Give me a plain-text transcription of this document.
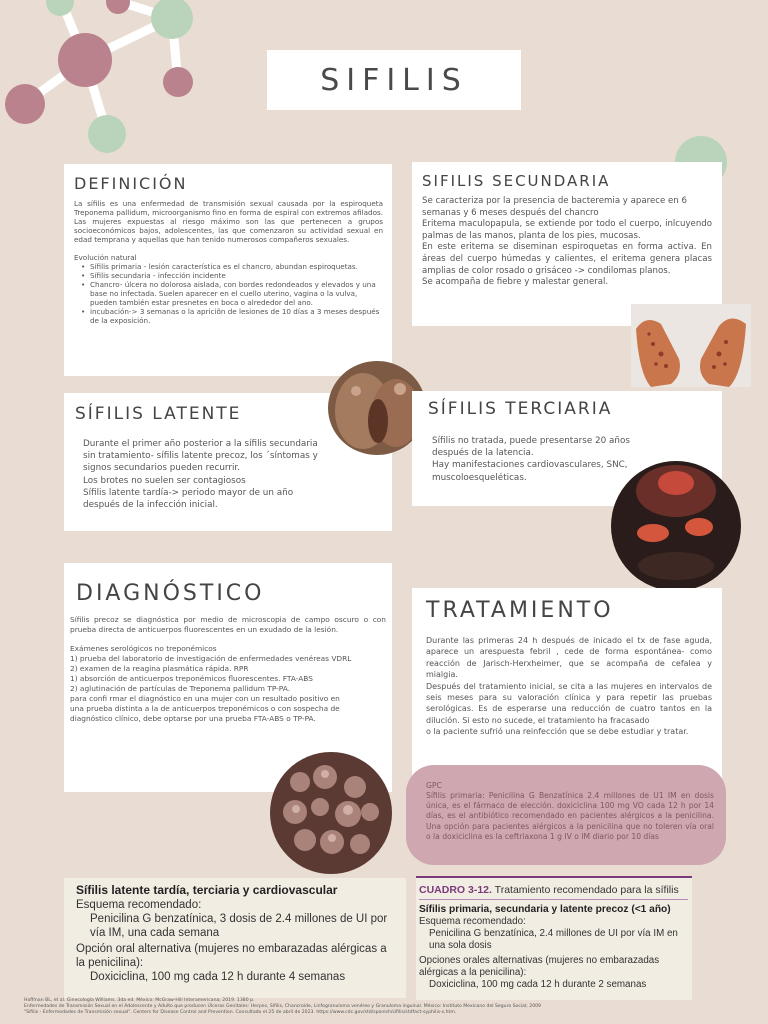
SIFILIS
DEFINICIÓN
La sífilis es una enfermedad de transmisión sexual causada por la espiroqueta Treponema pallidum, microorganismo fino en forma de espiral con extremos afilados. Las mujeres expuestas al riesgo máximo son las que pertenecen a grupos socioeconómicos bajos, adolescentes, las que comenzaron su actividad sexual en edad temprana y aquellas que han tenido numerosos compañeros sexuales.
Evolución natural
• Sífilis primaria - lesión característica es el chancro, abundan espiroquetas.
• Sífilis secundaria - infección incidente
• Chancro- úlcera no dolorosa aislada, con bordes redondeados y elevados y una base no infectada. Suelen aparecer en el cuello uterino, vagina o la vulva, pueden también estar presnetes en boca o alrededor del ano.
• incubación-> 3 semanas o la apriciõn de lesiones de 10 días a 3 meses después de la exposición.
SIFILIS SECUNDARIA
Se caracteriza por la presencia de bacteremia y aparece en 6 semanas y 6 meses después del chancro
Eritema maculopapula, se extiende por todo el cuerpo, inlcuyendo palmas de las manos, planta de los pies, mucosas.
En este eritema se diseminan espiroquetas en forma activa. En áreas del cuerpo húmedas y calientes, el eritema genera placas amplias de color rosado o grisáceo -> condilomas planos.
Se acompaña de fiebre y malestar general.
SÍFILIS LATENTE
Durante el primer año posterior a la sífilis secundaria sin tratamiento- sífilis latente precoz, los ´síntomas y signos secundarios pueden recurrir.
Los brotes no suelen ser contagiosos
Sífilis latente tardía-> periodo mayor de un año después de la infección inicial.
SÍFILIS TERCIARIA
Sífilis no tratada, puede presentarse 20 años después de la latencia.
Hay manifestaciones cardiovasculares, SNC, muscoloesqueléticas.
DIAGNÓSTICO
Sífilis precoz se diagnóstica por medio de microscopia de campo oscuro o con prueba directa de anticuerpos fluorescentes en un exudado de la lesión.
Exámenes serológicos no treponémicos
1) prueba del laboratorio de investigación de enfermedades venéreas VDRL
2) examen de la reagina plasmática rápida. RPR
1) absorción de anticuerpos treponémicos fluorescentes. FTA-ABS
2) aglutinación de partículas de Treponema pallidum TP-PA.
para confi rmar el diagnóstico en una mujer con un resultado positivo en una prueba distinta a la de anticuerpos treponémicos o con sospecha de diagnóstico clínico, debe optarse por una prueba FTA-ABS o TP-PA.
TRATAMIENTO
Durante las primeras 24 h después de inicado el tx de fase aguda, aparece un arespuesta febril , cede de forma espontánea- como reacción de Jarisch-Herxheimer, que se acompaña de cefalea y mialgia.
Después del tratamiento inicial, se cita a las mujeres en intervalos de seis meses para su valoración clínica y para repetir las pruebas serológicas. Es de esperarse una reducción de cuatro tantos en la dilución. Si esto no sucede, el tratamiento ha fracasado
o la paciente sufrió una reinfección que se debe estudiar y tratar.
GPC
Sífilis primaria: Penicilina G Benzatínica 2.4 millones de U1 IM en dosis única, es el fármaco de elección. doxiciclina 100 mg VO cada 12 h por 14 días, es el antibiótico recomendado en pacientes alérgicos a la penicilina. Una opción para pacientes alérgicos a la penicilina que no toleren vía oral o la doxiciclina es la ceftriaxona 1 g IV o IM diario por 10 días
Sífilis latente tardía, terciaria y cardiovascular
Esquema recomendado:
Penicilina G benzatínica, 3 dosis de 2.4 millones de UI por vía IM, una cada semana
Opción oral alternativa (mujeres no embarazadas alérgicas a la penicilina):
Doxiciclina, 100 mg cada 12 h durante 4 semanas
CUADRO 3-12. Tratamiento recomendado para la sífilis
Sífilis primaria, secundaria y latente precoz (<1 año)
Esquema recomendado:
Penicilina G benzatínica, 2.4 millones de UI por vía IM en una sola dosis
Opciones orales alternativas (mujeres no embarazadas alérgicas a la penicilina):
Doxiciclina, 100 mg cada 12 h durante 2 semanas
Hoffman BL, et al. Ginecología Williams. 3da ed. México: McGraw-Hill Interamericana; 2019. 1380 p.
Enfermedades de Transmisión Sexual en el Adolescente y Adulto que producen Úlceras Genitales: Herpes, Sífilis, Chancroide, Linfogranuloma venéreo y Granuloma inguinal. México: Instituto Mexicano del Seguro Social; 2009
"Sífilis - Enfermedades de Transmisión sexual". Centers for Disease Control and Prevention. Consultado el 25 de abril de 2023. https://www.cdc.gov/std/spanish/sifilis/stdfact-syphilis-s.htm.
